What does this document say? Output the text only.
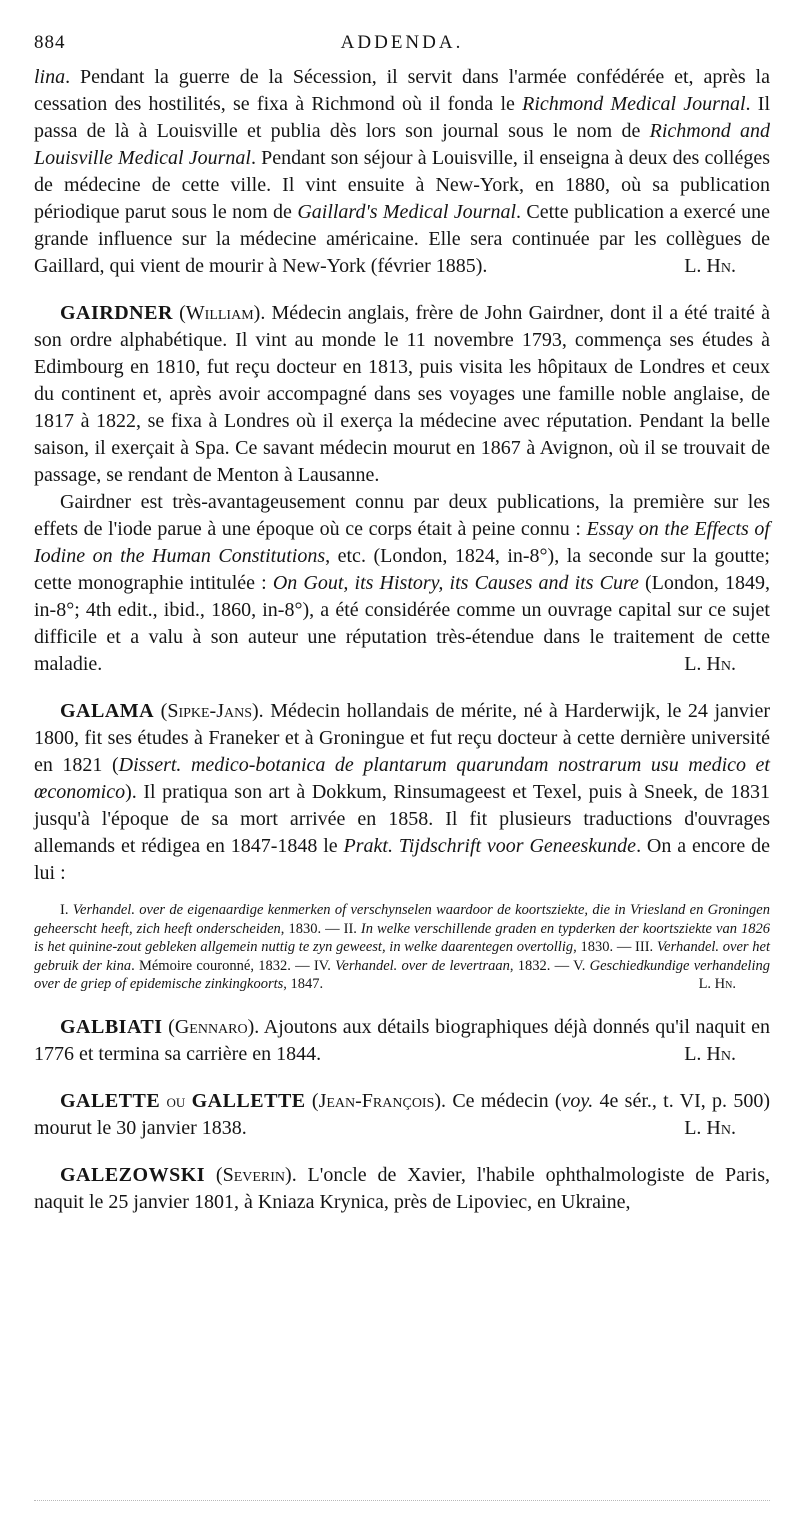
884	ADDENDA.

lina. Pendant la guerre de la Sécession, il servit dans l'armée confédérée et, après la cessation des hostilités, se fixa à Richmond où il fonda le Richmond Medical Journal. Il passa de là à Louisville et publia dès lors son journal sous le nom de Richmond and Louisville Medical Journal. Pendant son séjour à Louisville, il enseigna à deux des colléges de médecine de cette ville. Il vint ensuite à New-York, en 1880, où sa publication périodique parut sous le nom de Gaillard's Medical Journal. Cette publication a exercé une grande influence sur la médecine américaine. Elle sera continuée par les collègues de Gaillard, qui vient de mourir à New-York (février 1885).	L. Hn.

GAIRDNER (William). Médecin anglais, frère de John Gairdner, dont il a été traité à son ordre alphabétique. Il vint au monde le 11 novembre 1793, commença ses études à Edimbourg en 1810, fut reçu docteur en 1813, puis visita les hôpitaux de Londres et ceux du continent et, après avoir accompagné dans ses voyages une famille noble anglaise, de 1817 à 1822, se fixa à Londres où il exerça la médecine avec réputation. Pendant la belle saison, il exerçait à Spa. Ce savant médecin mourut en 1867 à Avignon, où il se trouvait de passage, se rendant de Menton à Lausanne.

Gairdner est très-avantageusement connu par deux publications, la première sur les effets de l'iode parue à une époque où ce corps était à peine connu : Essay on the Effects of Iodine on the Human Constitutions, etc. (London, 1824, in-8°), la seconde sur la goutte; cette monographie intitulée : On Gout, its History, its Causes and its Cure (London, 1849, in-8°; 4th edit., ibid., 1860, in-8°), a été considérée comme un ouvrage capital sur ce sujet difficile et a valu à son auteur une réputation très-étendue dans le traitement de cette maladie.	L. Hn.

GALAMA (Sipke-Jans). Médecin hollandais de mérite, né à Harderwijk, le 24 janvier 1800, fit ses études à Franeker et à Groningue et fut reçu docteur à cette dernière université en 1821 (Dissert. medico-botanica de plantarum quarundam nostrarum usu medico et œconomico). Il pratiqua son art à Dokkum, Rinsumageest et Texel, puis à Sneek, de 1831 jusqu'à l'époque de sa mort arrivée en 1858. Il fit plusieurs traductions d'ouvrages allemands et rédigea en 1847-1848 le Prakt. Tijdschrift voor Geneeskunde. On a encore de lui :

I. Verhandel. over de eigenaardige kenmerken of verschynselen waardoor de koortsziekte, die in Vriesland en Groningen geheerscht heeft, zich heeft onderscheiden, 1830. — II. In welke verschillende graden en typderken der koortsziekte van 1826 is het quinine-zout gebleken allgemein nuttig te zyn geweest, in welke daarentegen overtollig, 1830. — III. Verhandel. over het gebruik der kina. Mémoire couronné, 1832. — IV. Verhandel. over de levertraan, 1832. — V. Geschiedkundige verhandeling over de griep of epidemische zinkingkoorts, 1847.	L. Hn.

GALBIATI (Gennaro). Ajoutons aux détails biographiques déjà donnés qu'il naquit en 1776 et termina sa carrière en 1844.	L. Hn.

GALETTE ou GALLETTE (Jean-François). Ce médecin (voy. 4e sér., t. VI, p. 500) mourut le 30 janvier 1838.	L. Hn.

GALEZOWSKI (Severin). L'oncle de Xavier, l'habile ophthalmologiste de Paris, naquit le 25 janvier 1801, à Kniaza Krynica, près de Lipoviec, en Ukraine,
